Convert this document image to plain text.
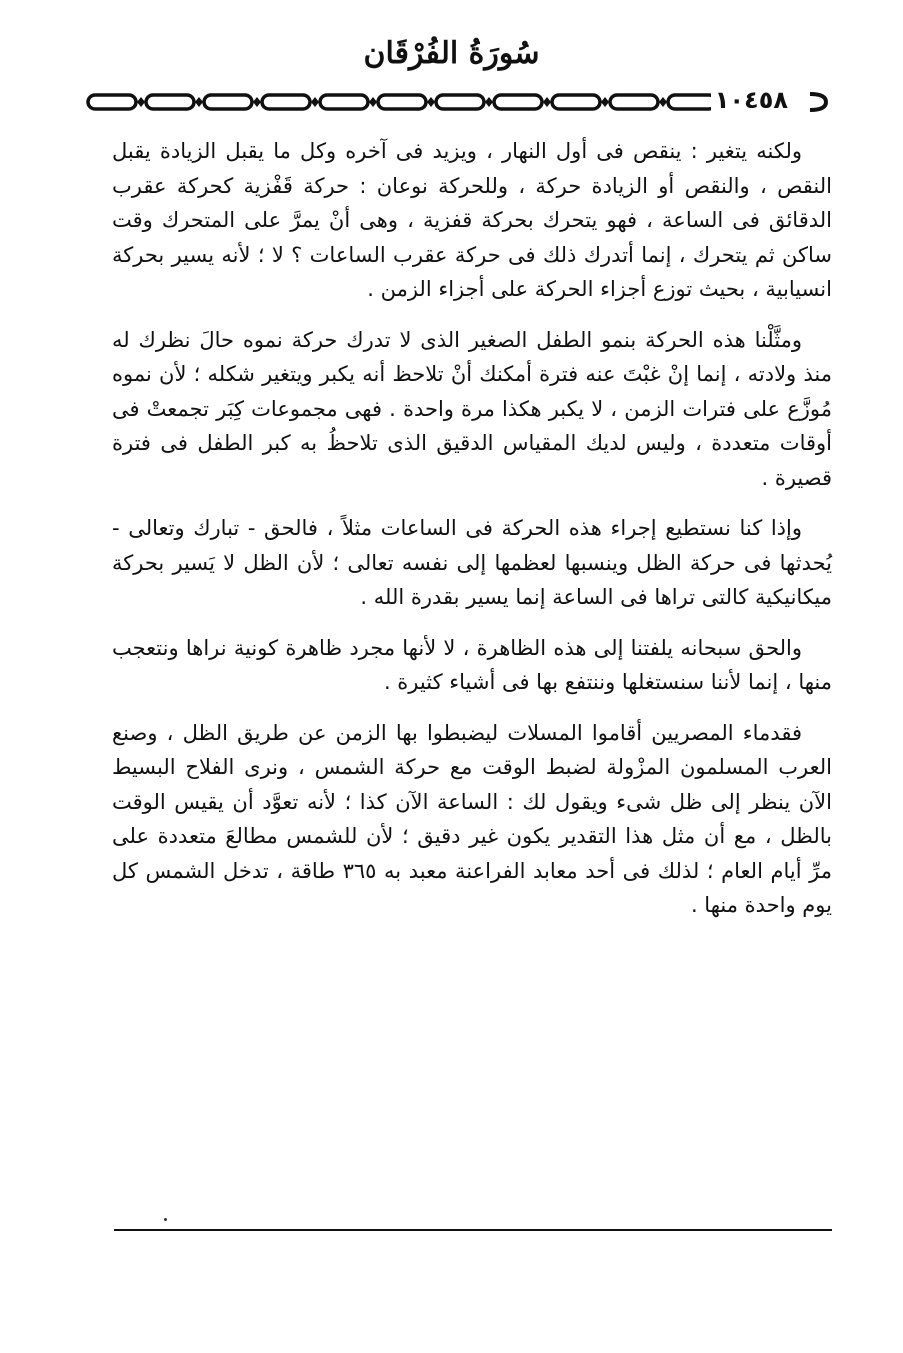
سُورَةُ الفُرْقَان
١٠٤٥٨

ولكنه يتغير : ينقص فى أول النهار ، ويزيد فى آخره وكل ما يقبل الزيادة يقبل النقص ، والنقص أو الزيادة حركة ، وللحركة نوعان : حركة قَفْزية كحركة عقرب الدقائق فى الساعة ، فهو يتحرك بحركة قفزية ، وهى أنْ يمرَّ على المتحرك وقت ساكن ثم يتحرك ، إنما أتدرك ذلك فى حركة عقرب الساعات ؟ لا ؛ لأنه يسير بحركة انسيابية ، بحيث توزع أجزاء الحركة على أجزاء الزمن .

ومثَّلْنا هذه الحركة بنمو الطفل الصغير الذى لا تدرك حركة نموه حالَ نظرك له منذ ولادته ، إنما إنْ غبْتَ عنه فترة أمكنك أنْ تلاحظ أنه يكبر ويتغير شكله ؛ لأن نموه مُوزَّع على فترات الزمن ، لا يكبر هكذا مرة واحدة . فهى مجموعات كِبَر تجمعتْ فى أوقات متعددة ، وليس لديك المقياس الدقيق الذى تلاحظُ به كبر الطفل فى فترة قصيرة .

وإذا كنا نستطيع إجراء هذه الحركة فى الساعات مثلاً ، فالحق - تبارك وتعالى - يُحدثها فى حركة الظل وينسبها لعظمها إلى نفسه تعالى ؛ لأن الظل لا يَسير بحركة ميكانيكية كالتى تراها فى الساعة إنما يسير بقدرة الله .

والحق سبحانه يلفتنا إلى هذه الظاهرة ، لا لأنها مجرد ظاهرة كونية نراها ونتعجب منها ، إنما لأننا سنستغلها وننتفع بها فى أشياء كثيرة .

فقدماء المصريين أقاموا المسلات ليضبطوا بها الزمن عن طريق الظل ، وصنع العرب المسلمون المزْولة لضبط الوقت مع حركة الشمس ، ونرى الفلاح البسيط الآن ينظر إلى ظل شىء ويقول لك : الساعة الآن كذا ؛ لأنه تعوَّد أن يقيس الوقت بالظل ، مع أن مثل هذا التقدير يكون غير دقيق ؛ لأن للشمس مطالعَ متعددة على مرِّ أيام العام ؛ لذلك فى أحد معابد الفراعنة معبد به ٣٦٥ طاقة ، تدخل الشمس كل يوم واحدة منها .
